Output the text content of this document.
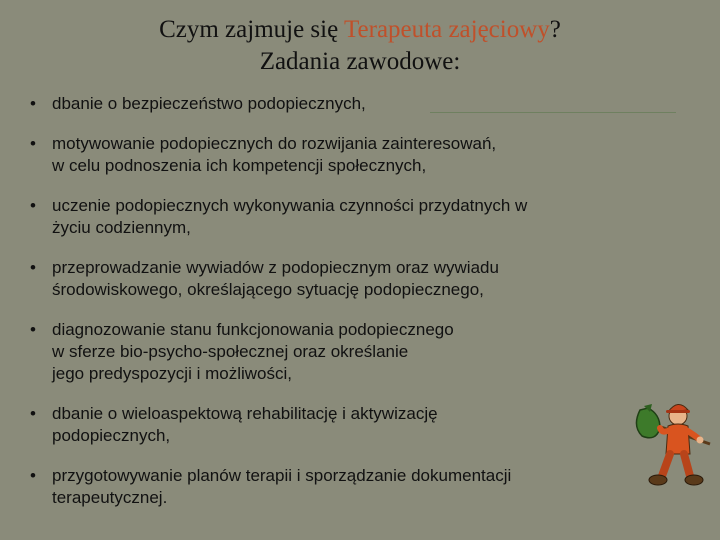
Czym zajmuje się Terapeuta zajęciowy?
Zadania zawodowe:
• dbanie o bezpieczeństwo podopiecznych,
• motywowanie podopiecznych do rozwijania zainteresowań,
w celu podnoszenia ich kompetencji społecznych,
• uczenie podopiecznych wykonywania czynności przydatnych w
życiu codziennym,
• przeprowadzanie wywiadów z podopiecznym oraz wywiadu
środowiskowego, określającego sytuację podopiecznego,
• diagnozowanie stanu funkcjonowania podopiecznego
w sferze bio-psycho-społecznej oraz określanie
jego predyspozycji i możliwości,
• dbanie o wieloaspektową rehabilitację i aktywizację
podopiecznych,
• przygotowywanie planów terapii i sporządzanie dokumentacji
terapeutycznej.
